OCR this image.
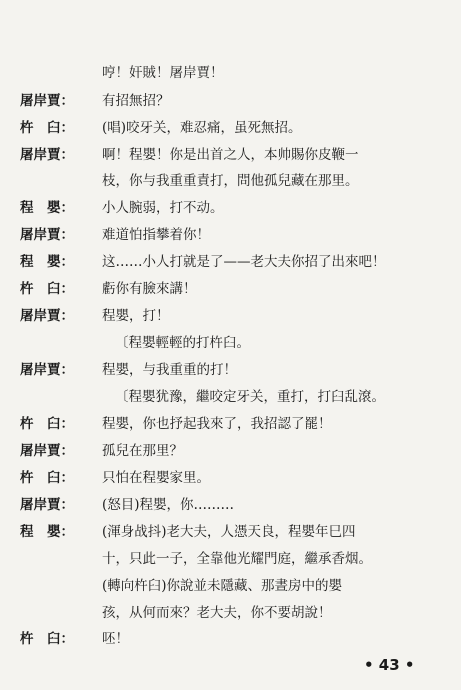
哼！奸賊！屠岸賈！
屠岸賈： 有招無招？
杵　臼： (唱)咬牙关，难忍痛，虽死無招。
屠岸賈： 啊！程嬰！你是出首之人，本帅賜你皮鞭一
枝，你与我重重責打，問他孤兒藏在那里。
程　嬰： 小人腕弱，打不动。
屠岸賈： 难道怕指攀着你！
程　嬰： 这……小人打就是了——老大夫你招了出來吧！
杵　臼： 虧你有臉來講！
屠岸賈： 程嬰，打！
〔程嬰輕輕的打杵臼。
屠岸賈： 程嬰，与我重重的打！
〔程嬰犹豫，繼咬定牙关，重打，打臼乱滾。
杵　臼： 程嬰，你也抒起我來了，我招認了罷！
屠岸賈： 孤兒在那里？
杵　臼： 只怕在程嬰家里。
屠岸賈： (怒目)程嬰，你………
程　嬰： (渾身战抖)老大夫，人憑天良，程嬰年巳四
十，只此一子，全靠他光耀門庭，繼承香烟。
(轉向杵臼)你說並未隱藏、那晝房中的嬰
孩，从何而來？老大夫，你不要胡說！
杵　臼： 呸！
• 43 •
